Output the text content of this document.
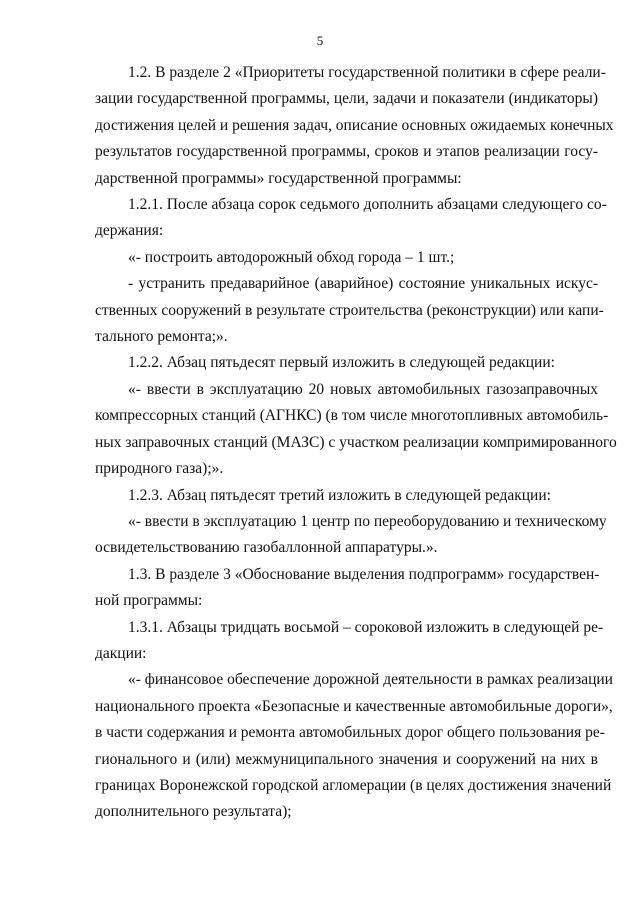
5

1.2. В разделе 2 «Приоритеты государственной политики в сфере реали-
зации государственной программы, цели, задачи и показатели (индикаторы)
достижения целей и решения задач, описание основных ожидаемых конечных
результатов государственной программы, сроков и этапов реализации госу-
дарственной программы» государственной программы:

1.2.1. После абзаца сорок седьмого дополнить абзацами следующего со-
держания:

«- построить автодорожный обход города – 1 шт.;

- устранить предаварийное (аварийное) состояние уникальных искус-
ственных сооружений в результате строительства (реконструкции) или капи-
тального ремонта;».

1.2.2. Абзац пятьдесят первый изложить в следующей редакции:

«- ввести в эксплуатацию 20 новых автомобильных газозаправочных
компрессорных станций (АГНКС) (в том числе многотопливных автомобиль-
ных заправочных станций (МАЗС) с участком реализации компримированного
природного газа);».

1.2.3. Абзац пятьдесят третий изложить в следующей редакции:

«- ввести в эксплуатацию 1 центр по переоборудованию и техническому
освидетельствованию газобаллонной аппаратуры.».

1.3. В разделе 3 «Обоснование выделения подпрограмм» государствен-
ной программы:

1.3.1. Абзацы тридцать восьмой – сороковой изложить в следующей ре-
дакции:

«- финансовое обеспечение дорожной деятельности в рамках реализации
национального проекта «Безопасные и качественные автомобильные дороги»,
в части содержания и ремонта автомобильных дорог общего пользования ре-
гионального и (или) межмуниципального значения и сооружений на них в
границах Воронежской городской агломерации (в целях достижения значений
дополнительного результата);
